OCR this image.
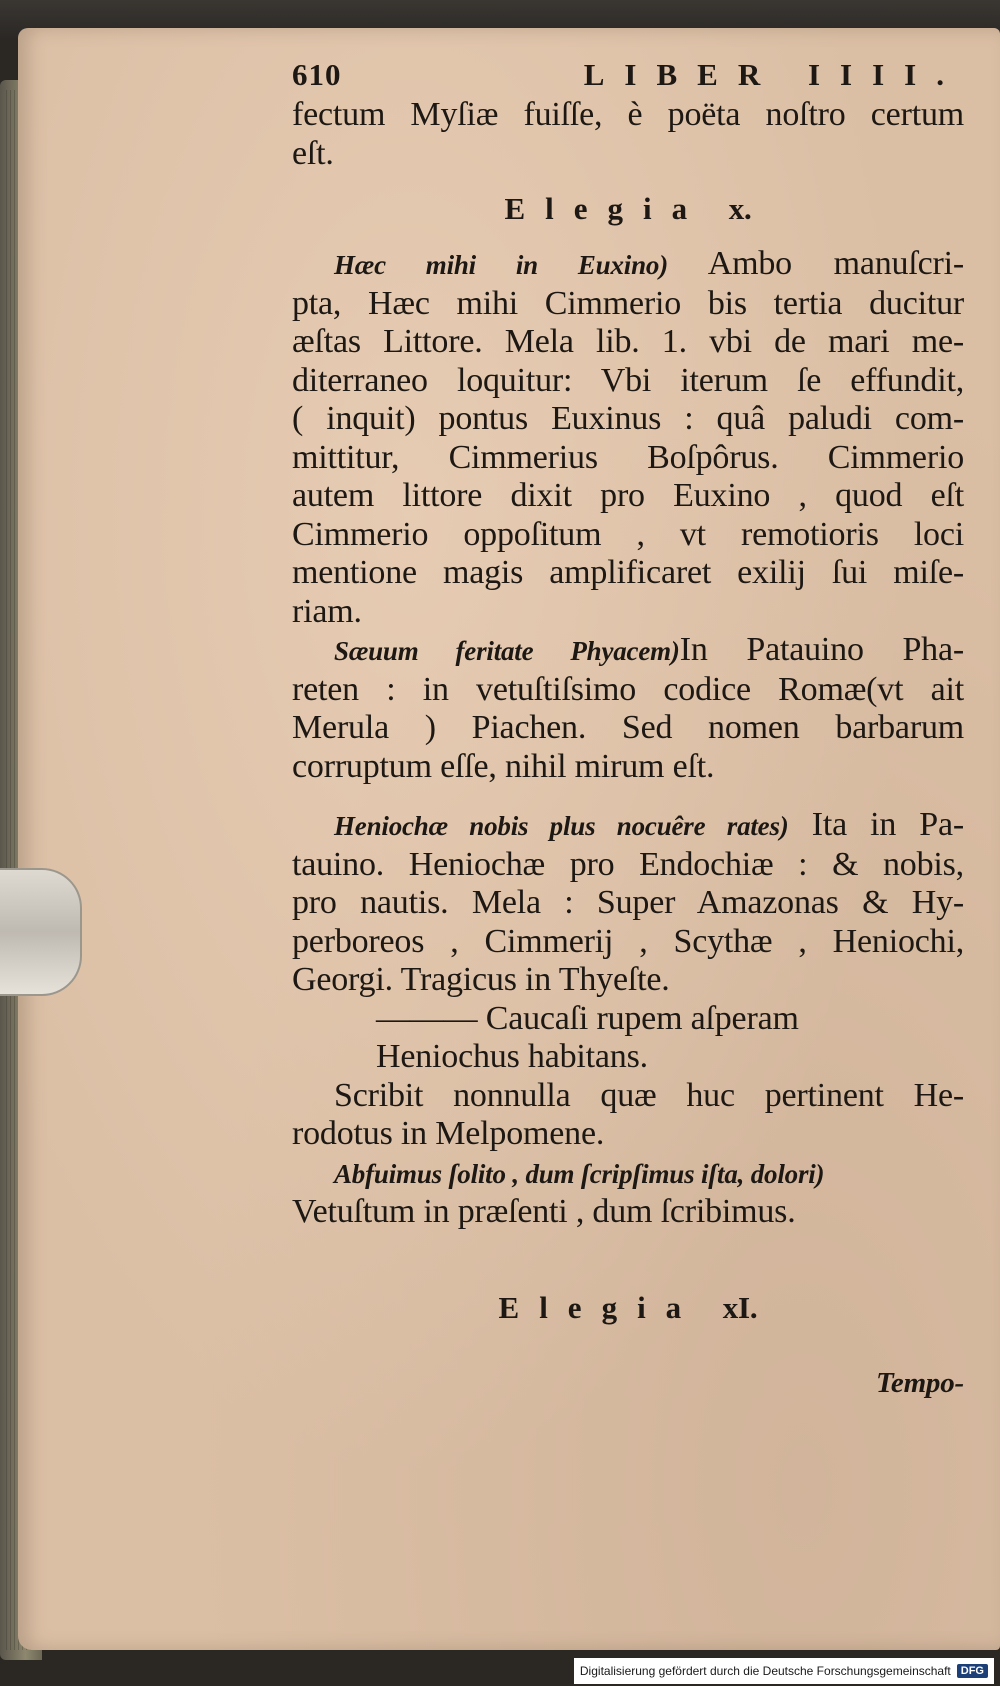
610	LIBER IIII.
fectum Myſiæ fuiſſe, è poëta noſtro certum
eſt.
Elegia x.
Hæc mihi in Euxino) Ambo manuſcri-
pta, Hæc mihi Cimmerio bis tertia ducitur
æſtas Littore. Mela lib. 1. vbi de mari me-
diterraneo loquitur: Vbi iterum ſe effundit,
( inquit) pontus Euxinus : quâ paludi com-
mittitur, Cimmerius Boſpôrus. Cimmerio
autem littore dixit pro Euxino , quod eſt
Cimmerio oppoſitum , vt remotioris loci
mentione magis amplificaret exilij ſui miſe-
riam.
Sæuum feritate Phyacem)In Patauino Pha-
reten : in vetuſtiſsimo codice Romæ(vt ait
Merula ) Piachen. Sed nomen barbarum
corruptum eſſe, nihil mirum eſt.
Heniochæ nobis plus nocuêre rates) Ita in Pa-
tauino. Heniochæ pro Endochiæ : & nobis,
pro nautis. Mela : Super Amazonas & Hy-
perboreos , Cimmerij , Scythæ , Heniochi,
Georgi. Tragicus in Thyeſte.
——— Caucaſi rupem aſperam
Heniochus habitans.
Scribit nonnulla quæ huc pertinent He-
rodotus in Melpomene.
Abfuimus ſolito , dum ſcripſimus iſta, dolori)
Vetuſtum in præſenti , dum ſcribimus.
Elegia xI.
Tempo-
Digitalisierung gefördert durch die Deutsche Forschungsgemeinschaft DFG
